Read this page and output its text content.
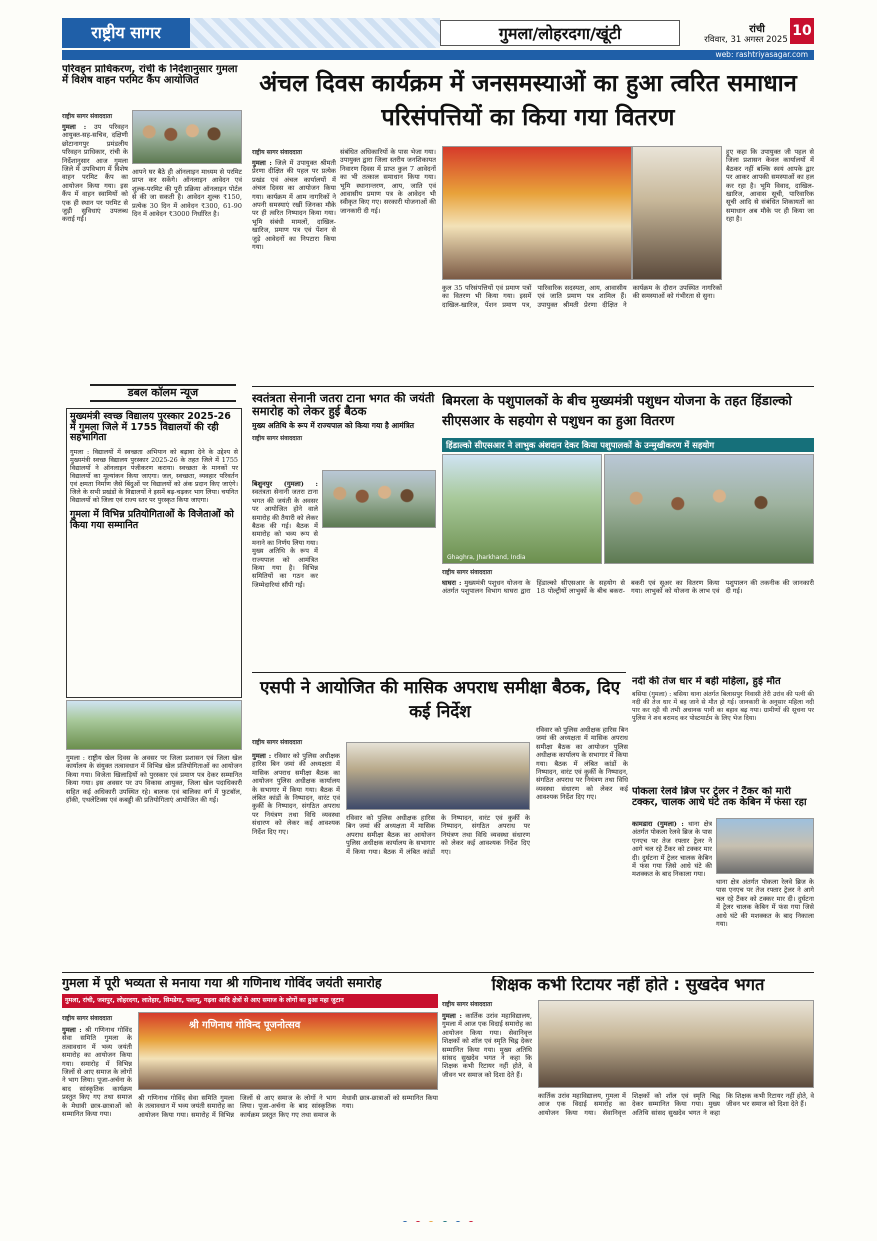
राष्ट्रीय सागर	गुमला/लोहरदगा/खूंटी	रांची
रविवार, 31 अगस्त 2025
web: rashtriyasagar.com
10
परिवहन प्राधिकरण, रांची के निर्देशानुसार गुमला में विशेष वाहन परमिट कैंप आयोजित
राष्ट्रीय सागर संवाददाता
गुमला : उप परिवहन आयुक्त-सह-सचिव, दक्षिणी छोटानागपुर प्रमंडलीय परिवहन प्राधिकार, रांची के निर्देशानुसार आज गुमला जिले में उपविभाग में विशेष वाहन परमिट कैंप का आयोजन किया गया। इस कैंप में वाहन स्वामियों को एक ही स्थान पर परमिट से जुड़ी सुविधाएं उपलब्ध कराई गईं।
आपने घर बैठे ही ऑनलाइन माध्यम से परमिट प्राप्त कर सकेंगे। ऑनलाइन आवेदन एवं शुल्क-परमिट की पूरी प्रक्रिया ऑनलाइन पोर्टल से की जा सकती है। आवेदन शुल्क ₹150, प्रत्येक 30 दिन में आवेदन ₹300, 61-90 दिन में आवेदन ₹3000 निर्धारित है।
डबल कॉलम न्यूज
मुख्यमंत्री स्वच्छ विद्यालय पुरस्कार 2025-26 में गुमला जिले में 1755 विद्यालयों की रही सहभागिता
गुमला : विद्यालयों में स्वच्छता अभियान को बढ़ावा देने के उद्देश्य से मुख्यमंत्री स्वच्छ विद्यालय पुरस्कार 2025-26 के तहत जिले में 1755 विद्यालयों ने ऑनलाइन पंजीकरण कराया। स्वच्छता के मानकों पर विद्यालयों का मूल्यांकन किया जाएगा। जल, स्वच्छता, व्यवहार परिवर्तन एवं क्षमता निर्माण जैसे बिंदुओं पर विद्यालयों को अंक प्रदान किए जाएंगे। जिले के सभी प्रखंडों के विद्यालयों ने इसमें बढ़-चढ़कर भाग लिया। चयनित विद्यालयों को जिला एवं राज्य स्तर पर पुरस्कृत किया जाएगा।
गुमला में विभिन्न प्रतियोगिताओं के विजेताओं को किया गया सम्मानित
गुमला : राष्ट्रीय खेल दिवस के अवसर पर जिला प्रशासन एवं जिला खेल कार्यालय के संयुक्त तत्वावधान में विभिन्न खेल प्रतियोगिताओं का आयोजन किया गया। विजेता खिलाड़ियों को पुरस्कार एवं प्रमाण पत्र देकर सम्मानित किया गया। इस अवसर पर उप विकास आयुक्त, जिला खेल पदाधिकारी सहित कई अधिकारी उपस्थित रहे। बालक एवं बालिका वर्ग में फुटबॉल, हॉकी, एथलेटिक्स एवं कबड्डी की प्रतियोगिताएं आयोजित की गईं।
अंचल दिवस कार्यक्रम में जनसमस्याओं का हुआ त्वरित समाधान परिसंपत्तियों का किया गया वितरण
राष्ट्रीय सागर संवाददाता
गुमला : जिले में उपायुक्त श्रीमती प्रेरणा दीक्षित की पहल पर प्रत्येक प्रखंड एवं अंचल कार्यालयों में अंचल दिवस का आयोजन किया गया। कार्यक्रम में आम नागरिकों ने अपनी समस्याएं रखीं जिनका मौके पर ही त्वरित निष्पादन किया गया। भूमि संबंधी मामलों, दाखिल-खारिज, प्रमाण पत्र एवं पेंशन से जुड़े आवेदनों का निपटारा किया गया।
संबंधित अधिकारियों के पास भेजा गया। उपायुक्त द्वारा जिला स्तरीय जनशिकायत निवारण दिवस में प्राप्त कुल 7 आवेदनों का भी तत्काल समाधान किया गया। भूमि स्थानान्तरण, आय, जाति एवं आवासीय प्रमाण पत्र के आवेदन भी स्वीकृत किए गए। सरकारी योजनाओं की जानकारी दी गई।
कुल 35 परिसंपत्तियों एवं प्रमाण पत्रों का वितरण भी किया गया। इसमें दाखिल-खारिज, पेंशन प्रमाण पत्र, पारिवारिक सदस्यता, आय, आवासीय एवं जाति प्रमाण पत्र शामिल हैं। उपायुक्त श्रीमती प्रेरणा दीक्षित ने कार्यक्रम के दौरान उपस्थित नागरिकों की समस्याओं को गंभीरता से सुना।
हुए कहा कि उपायुक्त जी पहल से जिला प्रशासन केवल कार्यालयों में बैठकर नहीं बल्कि स्वयं आपके द्वार पर आकर आपकी समस्याओं का हल कर रहा है। भूमि विवाद, दाखिल-खारिज, आवास सूची, पारिवारिक सूची आदि से संबंधित शिकायतों का समाधान अब मौके पर ही किया जा रहा है।
स्वतंत्रता सेनानी जतरा टाना भगत की जयंती समारोह को लेकर हुई बैठक
मुख्य अतिथि के रूप में राज्यपाल को किया गया है आमंत्रित
राष्ट्रीय सागर संवाददाता
बिशुनपुर (गुमला) : स्वतंत्रता सेनानी जतरा टाना भगत की जयंती के अवसर पर आयोजित होने वाले समारोह की तैयारी को लेकर बैठक की गई। बैठक में समारोह को भव्य रूप से मनाने का निर्णय लिया गया। मुख्य अतिथि के रूप में राज्यपाल को आमंत्रित किया गया है। विभिन्न समितियों का गठन कर जिम्मेदारियां सौंपी गईं।
बिमरला के पशुपालकों के बीच मुख्यमंत्री पशुधन योजना के तहत हिंडाल्को सीएसआर के सहयोग से पशुधन का हुआ वितरण
हिंडाल्को सीएसआर ने लाभुक अंशदान देकर किया पशुपालकों के उन्मुखीकरण में सहयोग
Ghaghra, Jharkhand, India
राष्ट्रीय सागर संवाददाता
घाघरा : मुख्यमंत्री पशुधन योजना के अंतर्गत पशुपालन विभाग घाघरा द्वारा हिंडाल्को सीएसआर के सहयोग से 18 पोल्ट्रीयों लाभुकों के बीच बकरा-बकरी एवं सूअर का वितरण किया गया। लाभुकों को योजना के लाभ एवं पशुपालन की तकनीक की जानकारी दी गई।
एसपी ने आयोजित की मासिक अपराध समीक्षा बैठक, दिए कई निर्देश
राष्ट्रीय सागर संवाददाता
गुमला : रविवार को पुलिस अधीक्षक हारिस बिन जमां की अध्यक्षता में मासिक अपराध समीक्षा बैठक का आयोजन पुलिस अधीक्षक कार्यालय के सभागार में किया गया। बैठक में लंबित कांडों के निष्पादन, वारंट एवं कुर्की के निष्पादन, संगठित अपराध पर नियंत्रण तथा विधि व्यवस्था संधारण को लेकर कई आवश्यक निर्देश दिए गए।
रविवार को पुलिस अधीक्षक हारिस बिन जमां की अध्यक्षता में मासिक अपराध समीक्षा बैठक का आयोजन पुलिस अधीक्षक कार्यालय के सभागार में किया गया। बैठक में लंबित कांडों के निष्पादन, वारंट एवं कुर्की के निष्पादन, संगठित अपराध पर नियंत्रण तथा विधि व्यवस्था संधारण को लेकर कई आवश्यक निर्देश दिए गए।
रविवार को पुलिस अधीक्षक हारिस बिन जमां की अध्यक्षता में मासिक अपराध समीक्षा बैठक का आयोजन पुलिस अधीक्षक कार्यालय के सभागार में किया गया। बैठक में लंबित कांडों के निष्पादन, वारंट एवं कुर्की के निष्पादन, संगठित अपराध पर नियंत्रण तथा विधि व्यवस्था संधारण को लेकर कई आवश्यक निर्देश दिए गए।
नदी की तेज धार में बही महिला, हुई मौत
बसिया (गुमला) : बसिया थाना अंतर्गत बिलासपुर निवासी तेरी उरांव की पत्नी की नदी की तेज धार में बह जाने से मौत हो गई। जानकारी के अनुसार महिला नदी पार कर रही थी तभी अचानक पानी का बहाव बढ़ गया। ग्रामीणों की सूचना पर पुलिस ने शव बरामद कर पोस्टमार्टम के लिए भेज दिया।
पोकला रेलवे ब्रिज पर ट्रेलर ने टैंकर को मारी टक्कर, चालक आधे घंटे तक केबिन में फंसा रहा
कामडारा (गुमला) : थाना क्षेत्र अंतर्गत पोकला रेलवे ब्रिज के पास एनएच पर तेज रफ्तार ट्रेलर ने आगे चल रहे टैंकर को टक्कर मार दी। दुर्घटना में ट्रेलर चालक केबिन में फंस गया जिसे आधे घंटे की मशक्कत के बाद निकाला गया।
थाना क्षेत्र अंतर्गत पोकला रेलवे ब्रिज के पास एनएच पर तेज रफ्तार ट्रेलर ने आगे चल रहे टैंकर को टक्कर मार दी। दुर्घटना में ट्रेलर चालक केबिन में फंस गया जिसे आधे घंटे की मशक्कत के बाद निकाला गया।
गुमला में पूरी भव्यता से मनाया गया श्री गणिनाथ गोविंद जयंती समारोह
गुमला, रांची, जशपुर, लोहरदगा, लातेहार, सिमडेगा, पलामू, गढ़वा आदि क्षेत्रों से आए समाज के लोगों का हुआ महा जुटान
राष्ट्रीय सागर संवाददाता
गुमला : श्री गणिनाथ गोविंद सेवा समिति गुमला के तत्वावधान में भव्य जयंती समारोह का आयोजन किया गया। समारोह में विभिन्न जिलों से आए समाज के लोगों ने भाग लिया। पूजा-अर्चना के बाद सांस्कृतिक कार्यक्रम प्रस्तुत किए गए तथा समाज के मेधावी छात्र-छात्राओं को सम्मानित किया गया।
श्री गणिनाथ गोविन्द पूजनोत्सव
श्री गणिनाथ गोविंद सेवा समिति गुमला के तत्वावधान में भव्य जयंती समारोह का आयोजन किया गया। समारोह में विभिन्न जिलों से आए समाज के लोगों ने भाग लिया। पूजा-अर्चना के बाद सांस्कृतिक कार्यक्रम प्रस्तुत किए गए तथा समाज के मेधावी छात्र-छात्राओं को सम्मानित किया गया।
शिक्षक कभी रिटायर नहीं होते : सुखदेव भगत
राष्ट्रीय सागर संवाददाता
गुमला : कार्तिक उरांव महाविद्यालय, गुमला में आज एक विदाई समारोह का आयोजन किया गया। सेवानिवृत्त शिक्षकों को शॉल एवं स्मृति चिह्न देकर सम्मानित किया गया। मुख्य अतिथि सांसद सुखदेव भगत ने कहा कि शिक्षक कभी रिटायर नहीं होते, वे जीवन भर समाज को दिशा देते हैं।
कार्तिक उरांव महाविद्यालय, गुमला में आज एक विदाई समारोह का आयोजन किया गया। सेवानिवृत्त शिक्षकों को शॉल एवं स्मृति चिह्न देकर सम्मानित किया गया। मुख्य अतिथि सांसद सुखदेव भगत ने कहा कि शिक्षक कभी रिटायर नहीं होते, वे जीवन भर समाज को दिशा देते हैं।
